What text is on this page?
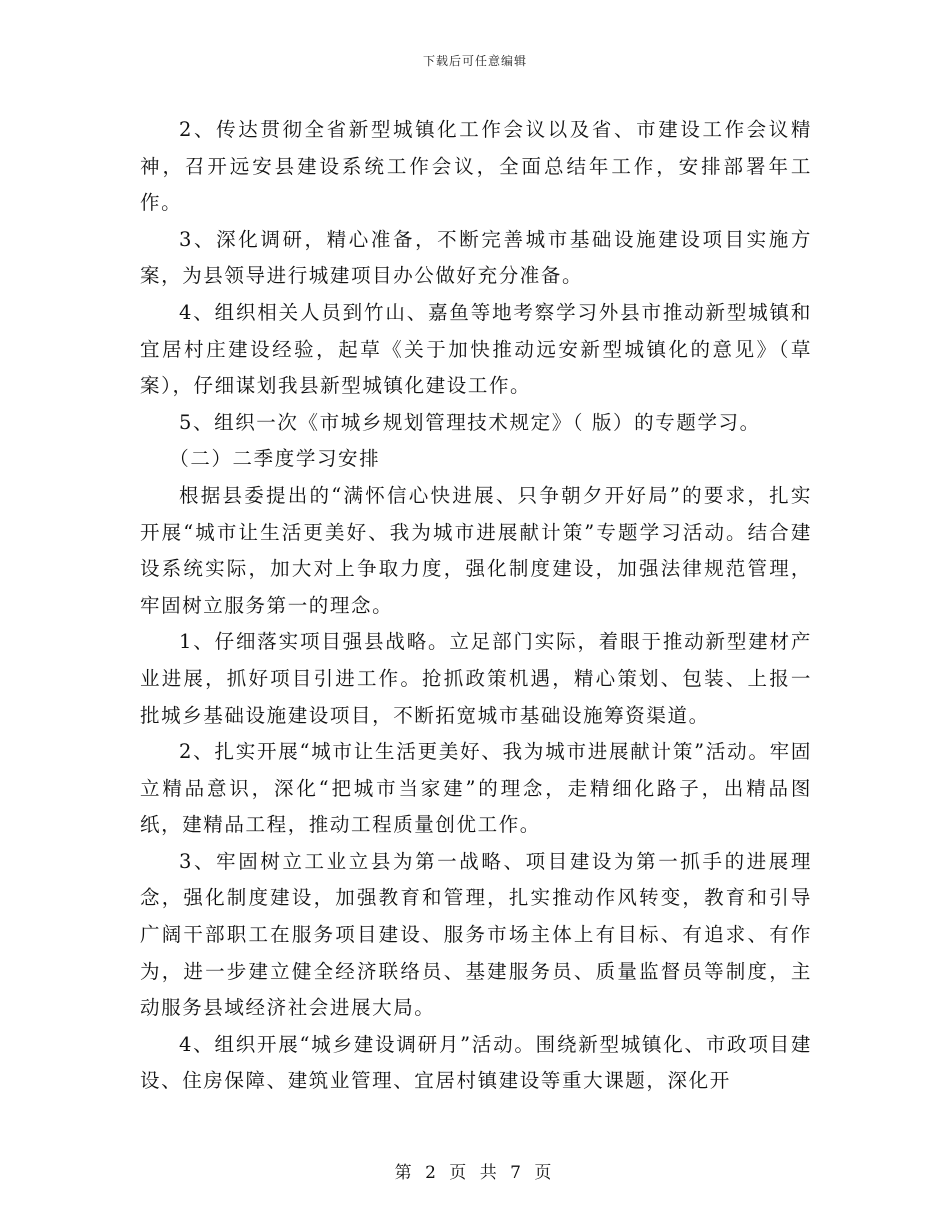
下载后可任意编辑

2、传达贯彻全省新型城镇化工作会议以及省、市建设工作会议精神，召开远安县建设系统工作会议，全面总结年工作，安排部署年工作。

3、深化调研，精心准备，不断完善城市基础设施建设项目实施方案，为县领导进行城建项目办公做好充分准备。

4、组织相关人员到竹山、嘉鱼等地考察学习外县市推动新型城镇和宜居村庄建设经验，起草《关于加快推动远安新型城镇化的意见》（草案），仔细谋划我县新型城镇化建设工作。

5、组织一次《市城乡规划管理技术规定》（ 版）的专题学习。

（二）二季度学习安排

根据县委提出的“满怀信心快进展、只争朝夕开好局”的要求，扎实开展“城市让生活更美好、我为城市进展献计策”专题学习活动。结合建设系统实际，加大对上争取力度，强化制度建设，加强法律规范管理，牢固树立服务第一的理念。

1、仔细落实项目强县战略。立足部门实际，着眼于推动新型建材产业进展，抓好项目引进工作。抢抓政策机遇，精心策划、包装、上报一批城乡基础设施建设项目，不断拓宽城市基础设施筹资渠道。

2、扎实开展“城市让生活更美好、我为城市进展献计策”活动。牢固立精品意识，深化“把城市当家建”的理念，走精细化路子，出精品图纸，建精品工程，推动工程质量创优工作。

3、牢固树立工业立县为第一战略、项目建设为第一抓手的进展理念，强化制度建设，加强教育和管理，扎实推动作风转变，教育和引导广阔干部职工在服务项目建设、服务市场主体上有目标、有追求、有作为，进一步建立健全经济联络员、基建服务员、质量监督员等制度，主动服务县域经济社会进展大局。

4、组织开展“城乡建设调研月”活动。围绕新型城镇化、市政项目建设、住房保障、建筑业管理、宜居村镇建设等重大课题，深化开

第 2 页 共 7 页
